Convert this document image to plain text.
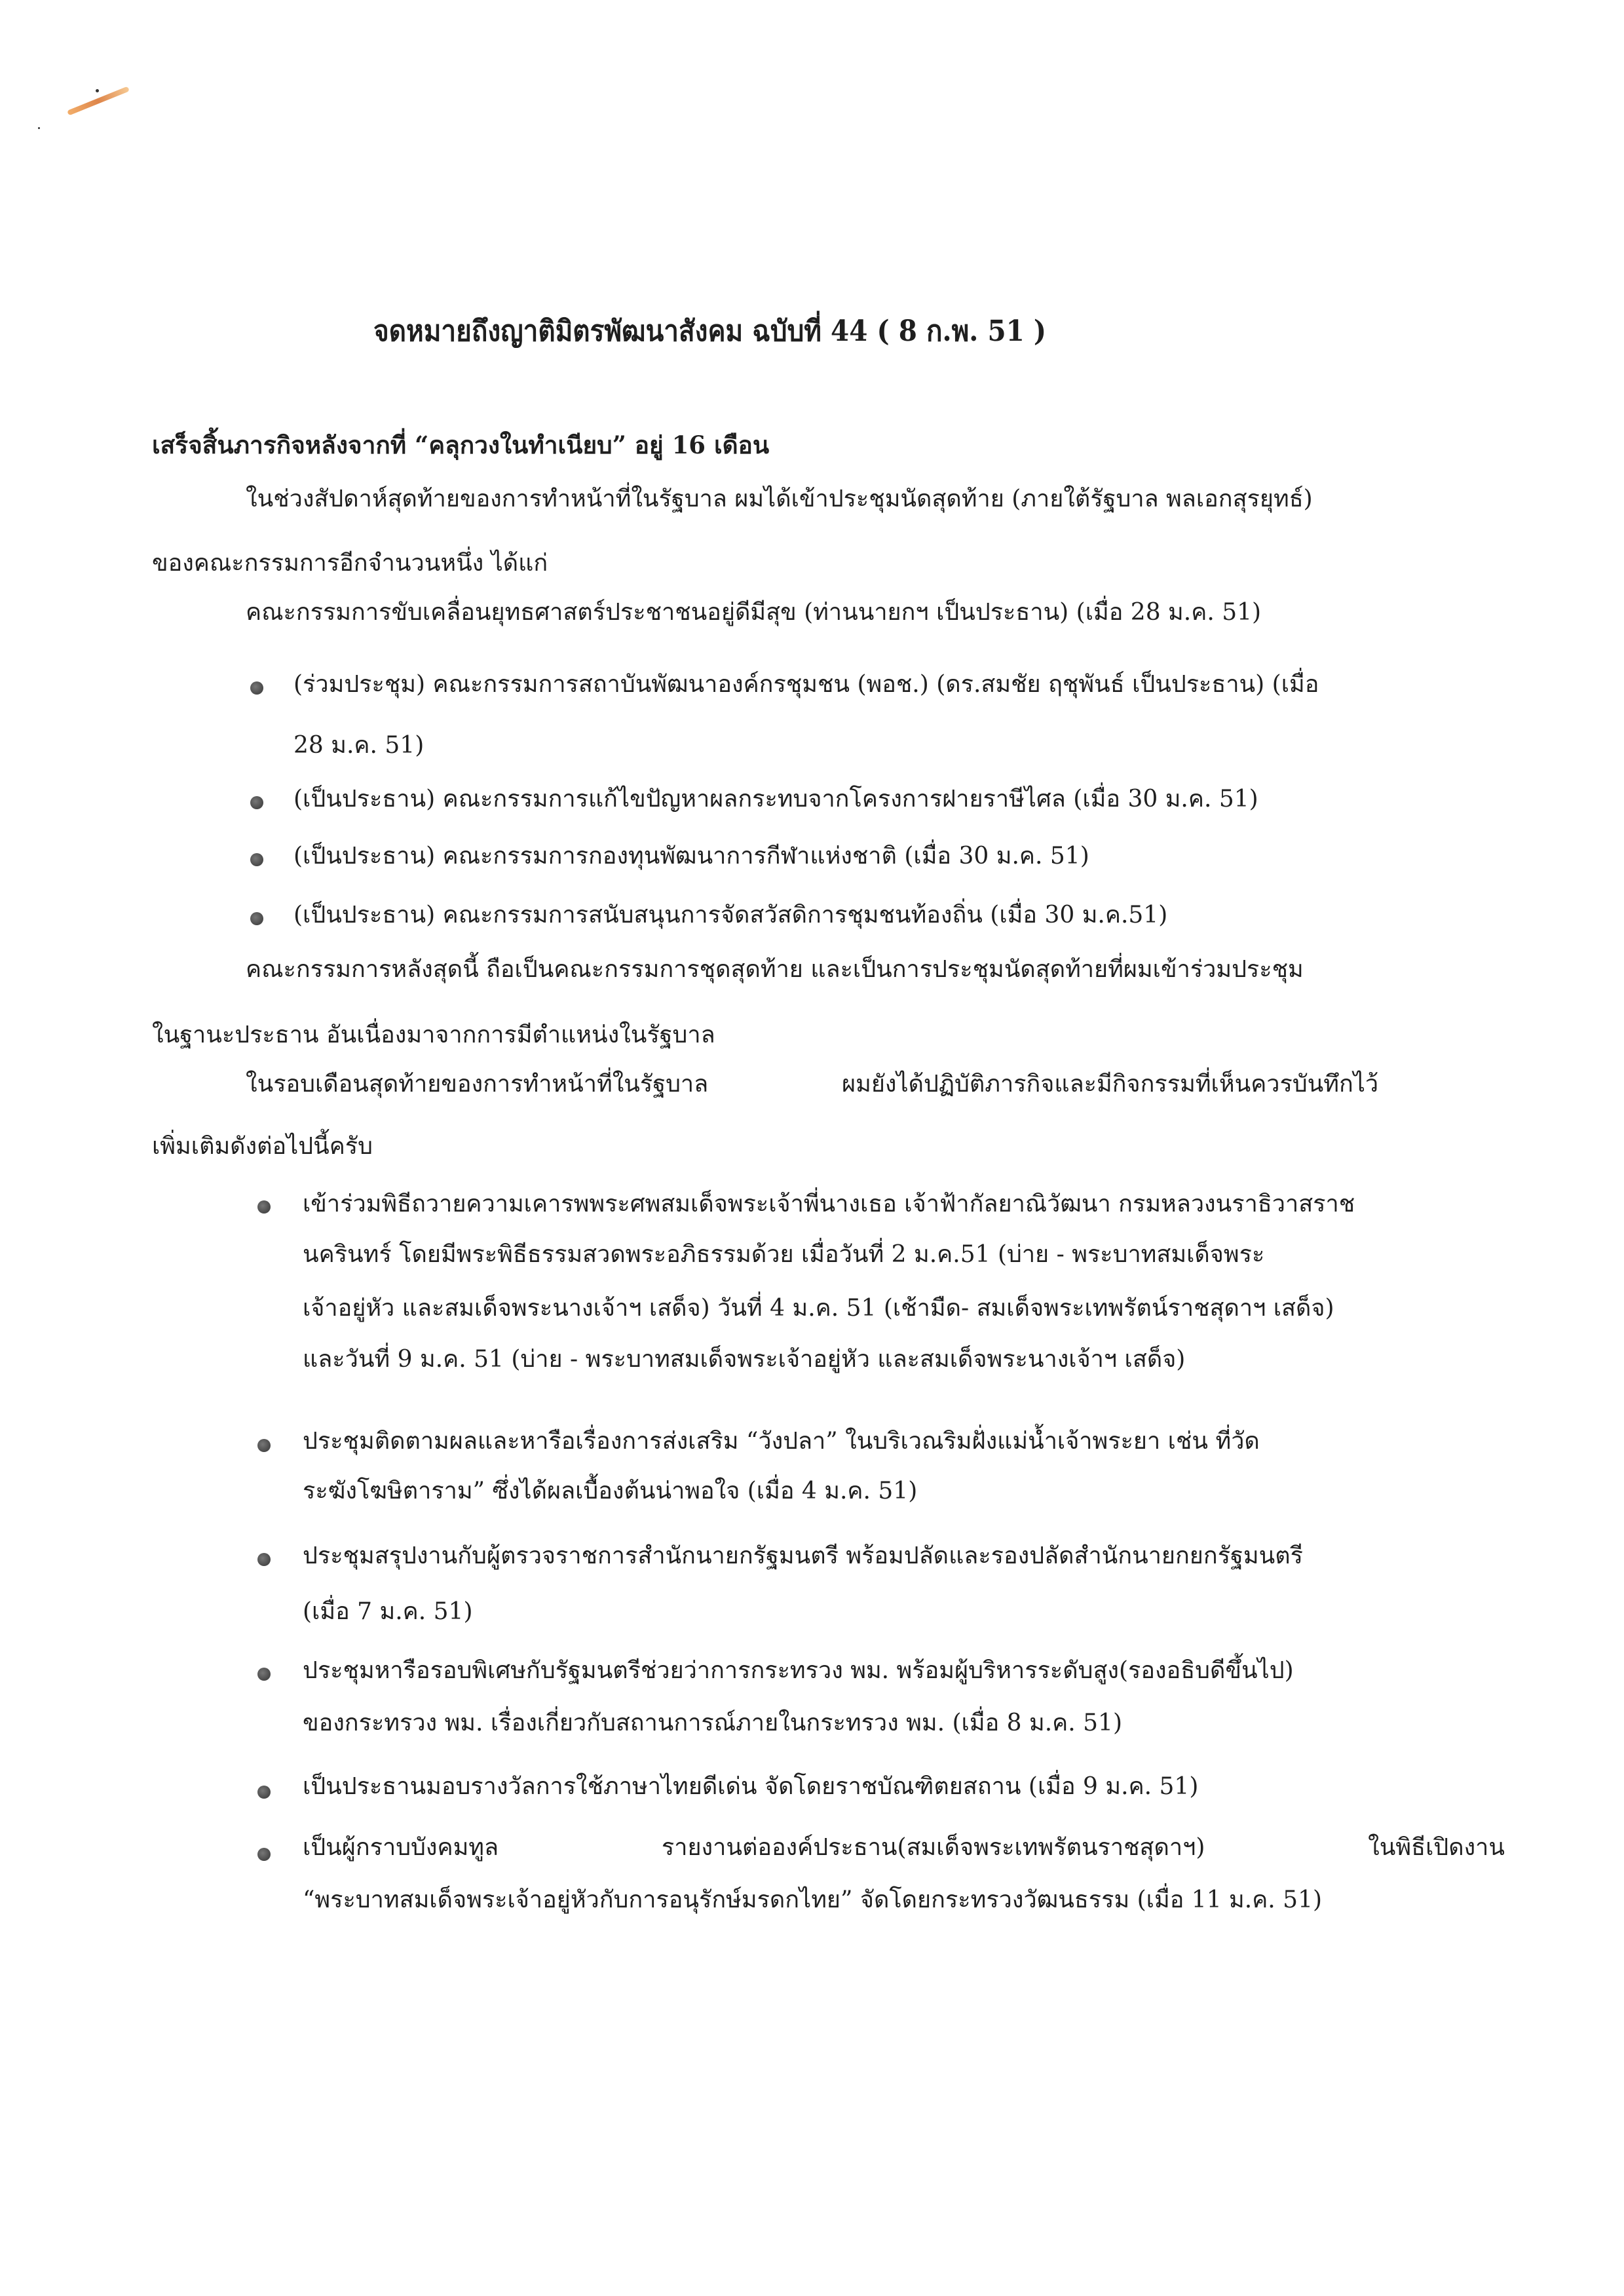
จดหมายถึงญาติมิตรพัฒนาสังคม ฉบับที่ 44 ( 8 ก.พ. 51 )
เสร็จสิ้นภารกิจหลังจากที่ “คลุกวงในทำเนียบ” อยู่ 16 เดือน
ในช่วงสัปดาห์สุดท้ายของการทำหน้าที่ในรัฐบาล ผมได้เข้าประชุมนัดสุดท้าย (ภายใต้รัฐบาล พลเอกสุรยุทธ์)
ของคณะกรรมการอีกจำนวนหนึ่ง ได้แก่
คณะกรรมการขับเคลื่อนยุทธศาสตร์ประชาชนอยู่ดีมีสุข (ท่านนายกฯ เป็นประธาน) (เมื่อ 28 ม.ค. 51)
(ร่วมประชุม) คณะกรรมการสถาบันพัฒนาองค์กรชุมชน (พอช.) (ดร.สมชัย ฤชุพันธ์ เป็นประธาน) (เมื่อ
28 ม.ค. 51)
(เป็นประธาน) คณะกรรมการแก้ไขปัญหาผลกระทบจากโครงการฝายราษีไศล (เมื่อ 30 ม.ค. 51)
(เป็นประธาน) คณะกรรมการกองทุนพัฒนาการกีฬาแห่งชาติ (เมื่อ 30 ม.ค. 51)
(เป็นประธาน) คณะกรรมการสนับสนุนการจัดสวัสดิการชุมชนท้องถิ่น (เมื่อ 30 ม.ค.51)
คณะกรรมการหลังสุดนี้ ถือเป็นคณะกรรมการชุดสุดท้าย และเป็นการประชุมนัดสุดท้ายที่ผมเข้าร่วมประชุม
ในฐานะประธาน อันเนื่องมาจากการมีตำแหน่งในรัฐบาล
ในรอบเดือนสุดท้ายของการทำหน้าที่ในรัฐบาล	ผมยังได้ปฏิบัติภารกิจและมีกิจกรรมที่เห็นควรบันทึกไว้
เพิ่มเติมดังต่อไปนี้ครับ
เข้าร่วมพิธีถวายความเคารพพระศพสมเด็จพระเจ้าพี่นางเธอ เจ้าฟ้ากัลยาณิวัฒนา กรมหลวงนราธิวาสราช
นครินทร์ โดยมีพระพิธีธรรมสวดพระอภิธรรมด้วย เมื่อวันที่ 2 ม.ค.51 (บ่าย - พระบาทสมเด็จพระ
เจ้าอยู่หัว และสมเด็จพระนางเจ้าฯ เสด็จ) วันที่ 4 ม.ค. 51 (เช้ามืด- สมเด็จพระเทพรัตน์ราชสุดาฯ เสด็จ)
และวันที่ 9 ม.ค. 51 (บ่าย - พระบาทสมเด็จพระเจ้าอยู่หัว และสมเด็จพระนางเจ้าฯ เสด็จ)
ประชุมติดตามผลและหารือเรื่องการส่งเสริม “วังปลา” ในบริเวณริมฝั่งแม่น้ำเจ้าพระยา เช่น ที่วัด
ระฆังโฆษิตาราม” ซึ่งได้ผลเบื้องต้นน่าพอใจ (เมื่อ 4 ม.ค. 51)
ประชุมสรุปงานกับผู้ตรวจราชการสำนักนายกรัฐมนตรี พร้อมปลัดและรองปลัดสำนักนายกยกรัฐมนตรี
(เมื่อ 7 ม.ค. 51)
ประชุมหารือรอบพิเศษกับรัฐมนตรีช่วยว่าการกระทรวง พม. พร้อมผู้บริหารระดับสูง(รองอธิบดีขึ้นไป)
ของกระทรวง พม. เรื่องเกี่ยวกับสถานการณ์ภายในกระทรวง พม. (เมื่อ 8 ม.ค. 51)
เป็นประธานมอบรางวัลการใช้ภาษาไทยดีเด่น จัดโดยราชบัณฑิตยสถาน (เมื่อ 9 ม.ค. 51)
เป็นผู้กราบบังคมทูล	รายงานต่อองค์ประธาน(สมเด็จพระเทพรัตนราชสุดาฯ)	ในพิธีเปิดงาน
“พระบาทสมเด็จพระเจ้าอยู่หัวกับการอนุรักษ์มรดกไทย” จัดโดยกระทรวงวัฒนธรรม (เมื่อ 11 ม.ค. 51)
